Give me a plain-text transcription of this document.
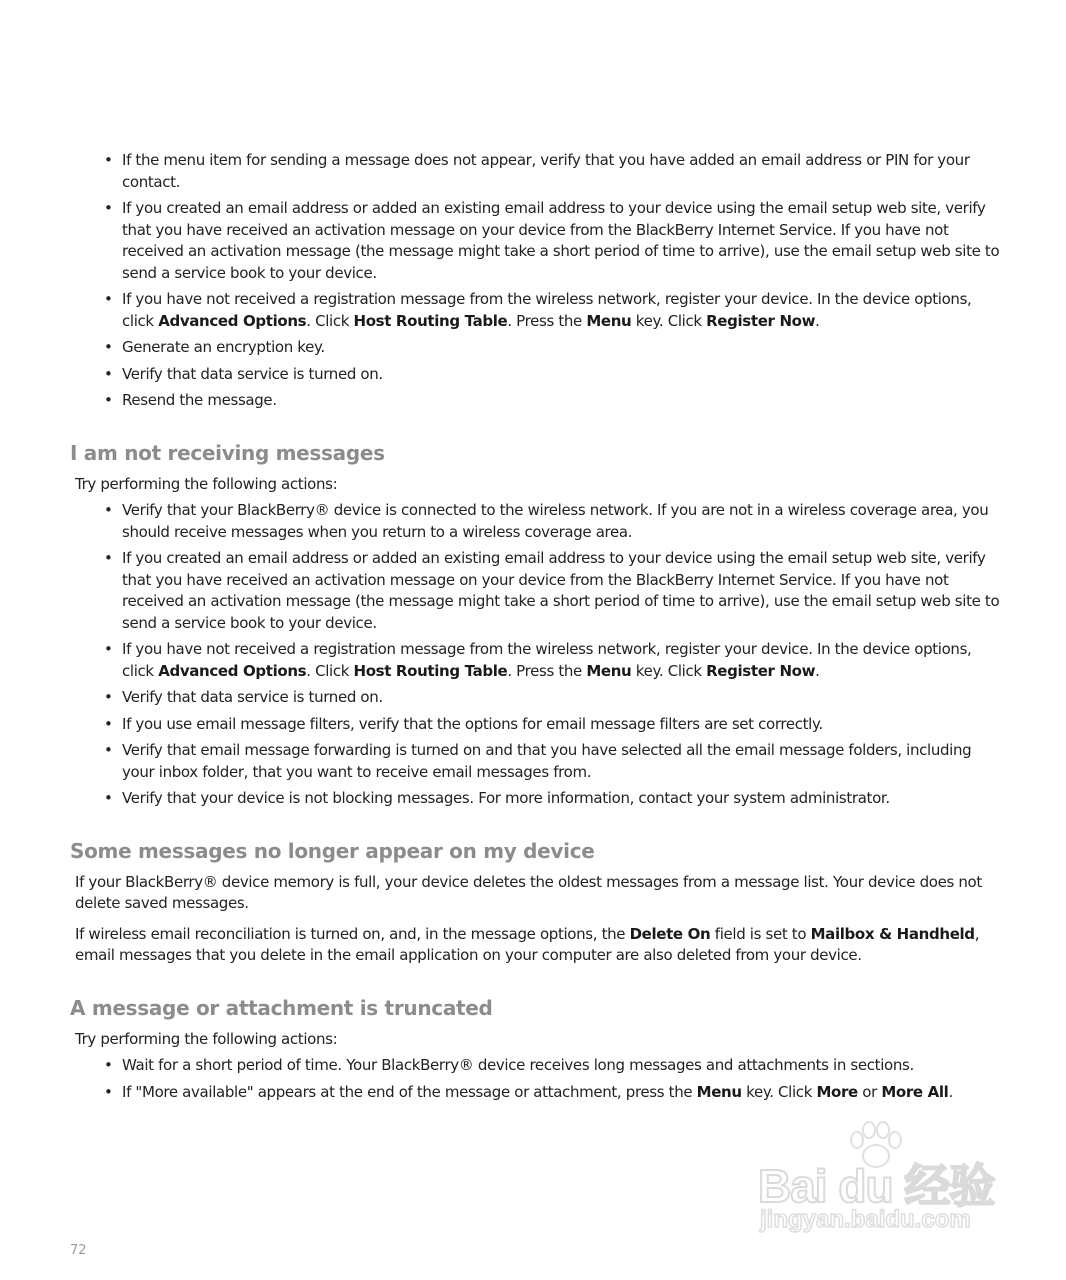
• If the menu item for sending a message does not appear, verify that you have added an email address or PIN for your contact.
• If you created an email address or added an existing email address to your device using the email setup web site, verify that you have received an activation message on your device from the BlackBerry Internet Service. If you have not received an activation message (the message might take a short period of time to arrive), use the email setup web site to send a service book to your device.
• If you have not received a registration message from the wireless network, register your device. In the device options, click Advanced Options. Click Host Routing Table. Press the Menu key. Click Register Now.
• Generate an encryption key.
• Verify that data service is turned on.
• Resend the message.
I am not receiving messages

Try performing the following actions:

• Verify that your BlackBerry® device is connected to the wireless network. If you are not in a wireless coverage area, you should receive messages when you return to a wireless coverage area.
• If you created an email address or added an existing email address to your device using the email setup web site, verify that you have received an activation message on your device from the BlackBerry Internet Service. If you have not received an activation message (the message might take a short period of time to arrive), use the email setup web site to send a service book to your device.
• If you have not received a registration message from the wireless network, register your device. In the device options, click Advanced Options. Click Host Routing Table. Press the Menu key. Click Register Now.
• Verify that data service is turned on.
• If you use email message filters, verify that the options for email message filters are set correctly.
• Verify that email message forwarding is turned on and that you have selected all the email message folders, including your inbox folder, that you want to receive email messages from.
• Verify that your device is not blocking messages. For more information, contact your system administrator.
Some messages no longer appear on my device

If your BlackBerry® device memory is full, your device deletes the oldest messages from a message list. Your device does not delete saved messages.

If wireless email reconciliation is turned on, and, in the message options, the Delete On field is set to Mailbox & Handheld, email messages that you delete in the email application on your computer are also deleted from your device.

A message or attachment is truncated

Try performing the following actions:

• Wait for a short period of time. Your BlackBerry® device receives long messages and attachments in sections.
• If "More available" appears at the end of the message or attachment, press the Menu key. Click More or More All.
72
Bai du 经验
jingyan.baidu.com
